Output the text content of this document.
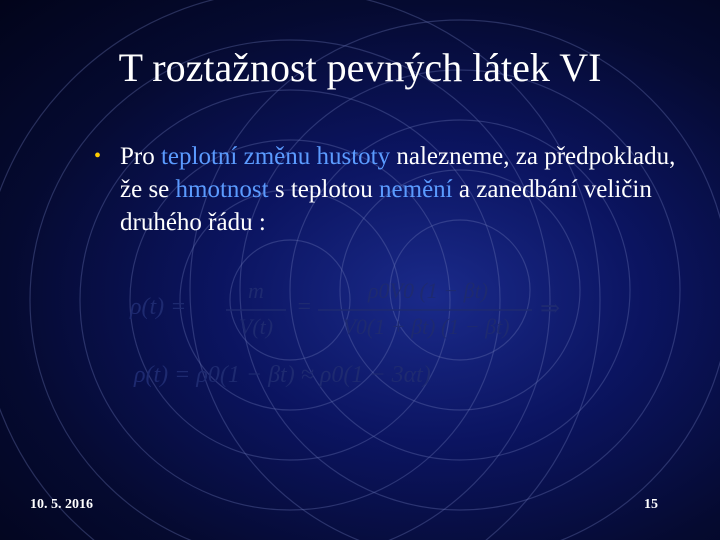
T roztažnost pevných látek VI
• Pro teplotní změnu hustoty nalezneme, za předpokladu, že se hmotnost s teplotou nemění a zanedbání veličin druhého řádu :
ρ(t) =
m
V(t)
=
ρ0V0 (1 − βt)
V0(1 + βt) (1 − βt)
⇒
ρ(t) = ρ0(1 − βt) ≈ ρ0(1 − 3αt)
10. 5. 2016	15
